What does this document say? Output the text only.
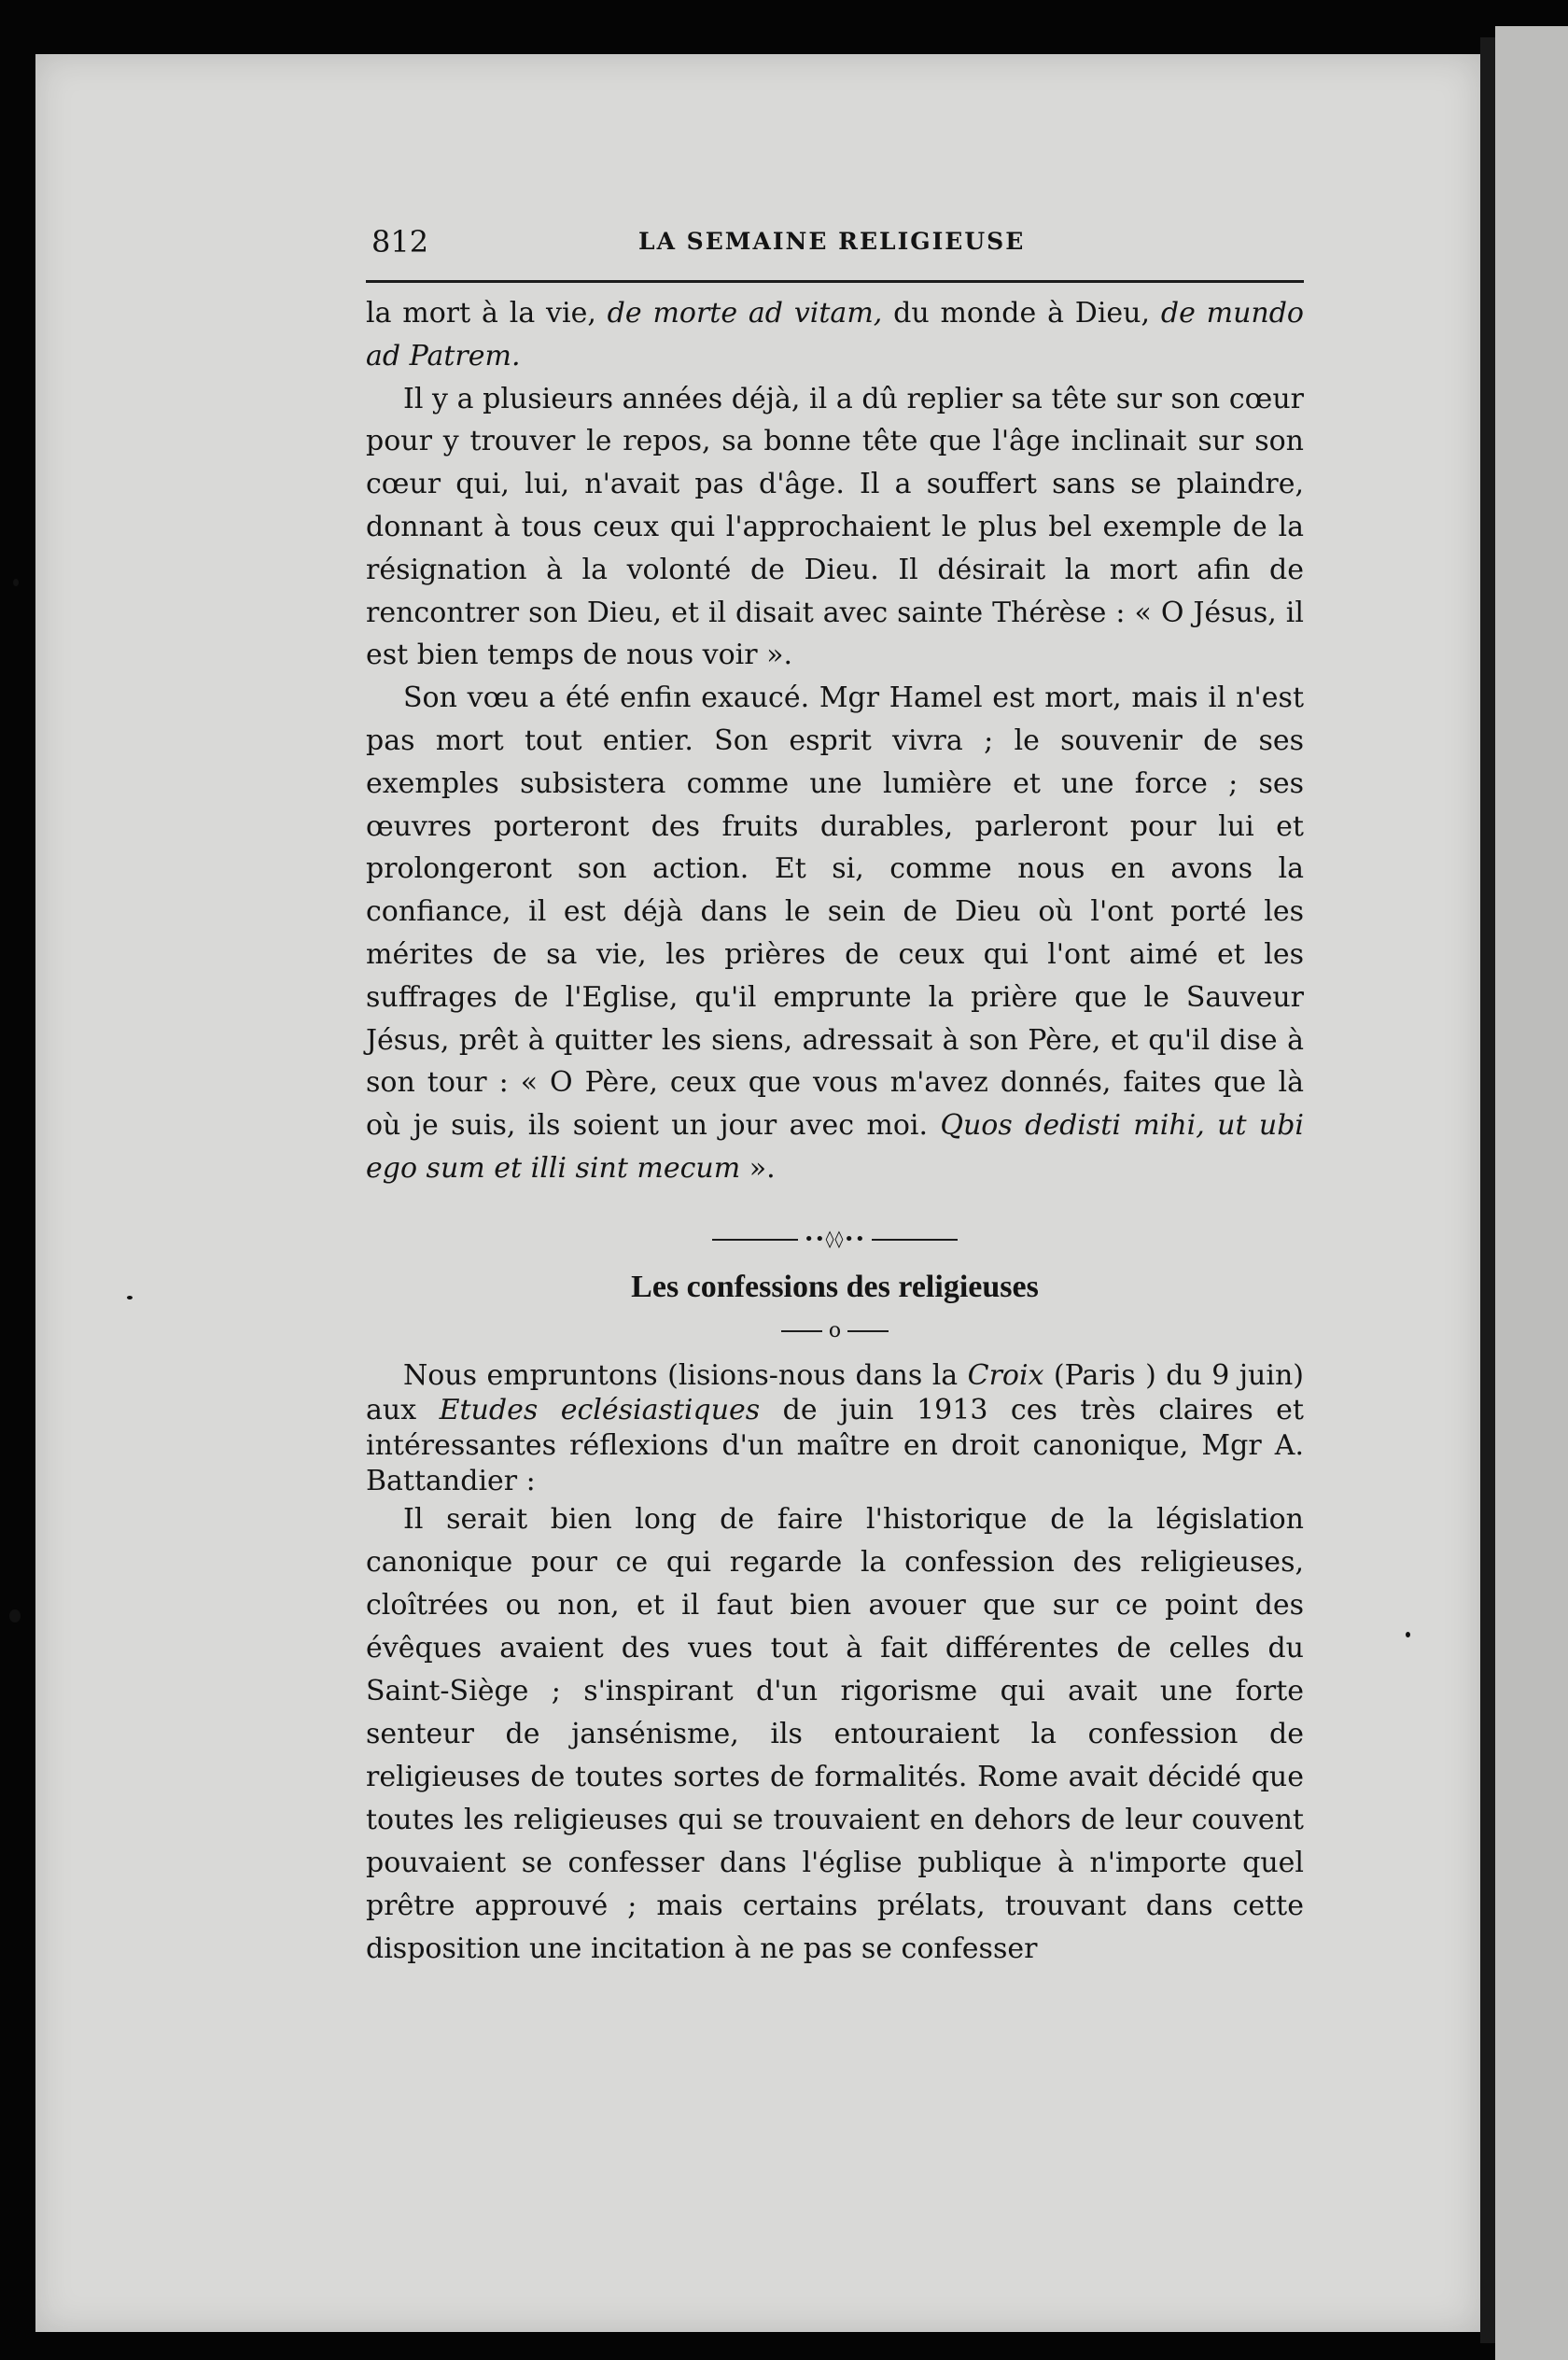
812	LA SEMAINE RELIGIEUSE

la mort à la vie, de morte ad vitam, du monde à Dieu, de mundo ad Patrem.

Il y a plusieurs années déjà, il a dû replier sa tête sur son cœur pour y trouver le repos, sa bonne tête que l'âge inclinait sur son cœur qui, lui, n'avait pas d'âge. Il a souffert sans se plaindre, donnant à tous ceux qui l'approchaient le plus bel exemple de la résignation à la volonté de Dieu. Il désirait la mort afin de rencontrer son Dieu, et il disait avec sainte Thérèse : « O Jésus, il est bien temps de nous voir ».

Son vœu a été enfin exaucé. Mgr Hamel est mort, mais il n'est pas mort tout entier. Son esprit vivra ; le souvenir de ses exemples subsistera comme une lumière et une force ; ses œuvres porteront des fruits durables, parleront pour lui et prolongeront son action. Et si, comme nous en avons la confiance, il est déjà dans le sein de Dieu où l'ont porté les mérites de sa vie, les prières de ceux qui l'ont aimé et les suffrages de l'Eglise, qu'il emprunte la prière que le Sauveur Jésus, prêt à quitter les siens, adressait à son Père, et qu'il dise à son tour : « O Père, ceux que vous m'avez donnés, faites que là où je suis, ils soient un jour avec moi. Quos dedisti mihi, ut ubi ego sum et illi sint mecum ».

••◊◊••
Les confessions des religieuses
o

Nous empruntons (lisions-nous dans la Croix (Paris ) du 9 juin) aux Etudes eclésiastiques de juin 1913 ces très claires et intéressantes réflexions d'un maître en droit canonique, Mgr A. Battandier :

Il serait bien long de faire l'historique de la législation canonique pour ce qui regarde la confession des religieuses, cloîtrées ou non, et il faut bien avouer que sur ce point des évêques avaient des vues tout à fait différentes de celles du Saint-Siège ; s'inspirant d'un rigorisme qui avait une forte senteur de jansénisme, ils entouraient la confession de religieuses de toutes sortes de formalités. Rome avait décidé que toutes les religieuses qui se trouvaient en dehors de leur couvent pouvaient se confesser dans l'église publique à n'importe quel prêtre approuvé ; mais certains prélats, trouvant dans cette disposition une incitation à ne pas se confesser
